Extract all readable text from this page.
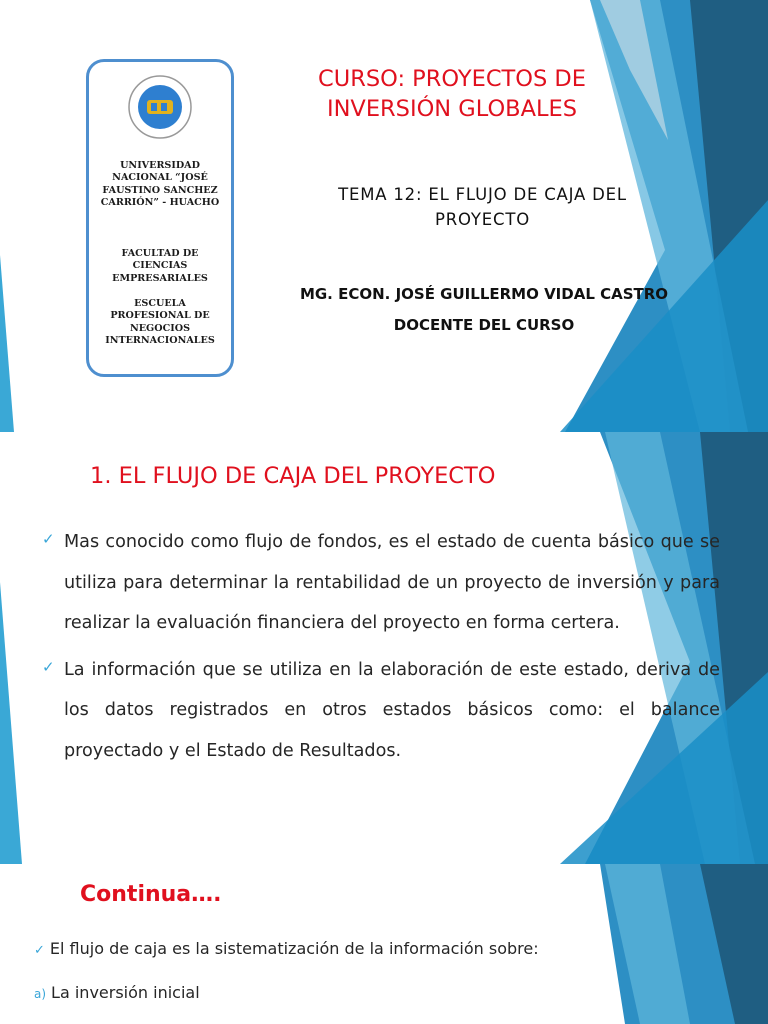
UNIVERSIDAD NACIONAL “JOSÉ FAUSTINO SANCHEZ CARRIÓN” - HUACHO
FACULTAD DE CIENCIAS EMPRESARIALES
ESCUELA PROFESIONAL DE NEGOCIOS INTERNACIONALES
CURSO: PROYECTOS DE INVERSIÓN GLOBALES
TEMA 12: EL FLUJO DE CAJA DEL PROYECTO
MG. ECON. JOSÉ GUILLERMO VIDAL CASTRO
DOCENTE DEL CURSO
1. EL FLUJO DE CAJA DEL PROYECTO
✓ Mas conocido como flujo de fondos, es el estado de cuenta básico que se utiliza para determinar la rentabilidad de un proyecto de inversión y para realizar la evaluación financiera del proyecto en forma certera.
✓ La información que se utiliza en la elaboración de este estado, deriva de los datos registrados en otros estados básicos como: el balance proyectado y el Estado de Resultados.
Continua….
✓ El flujo de caja es la sistematización de la información sobre:
a) La inversión inicial
